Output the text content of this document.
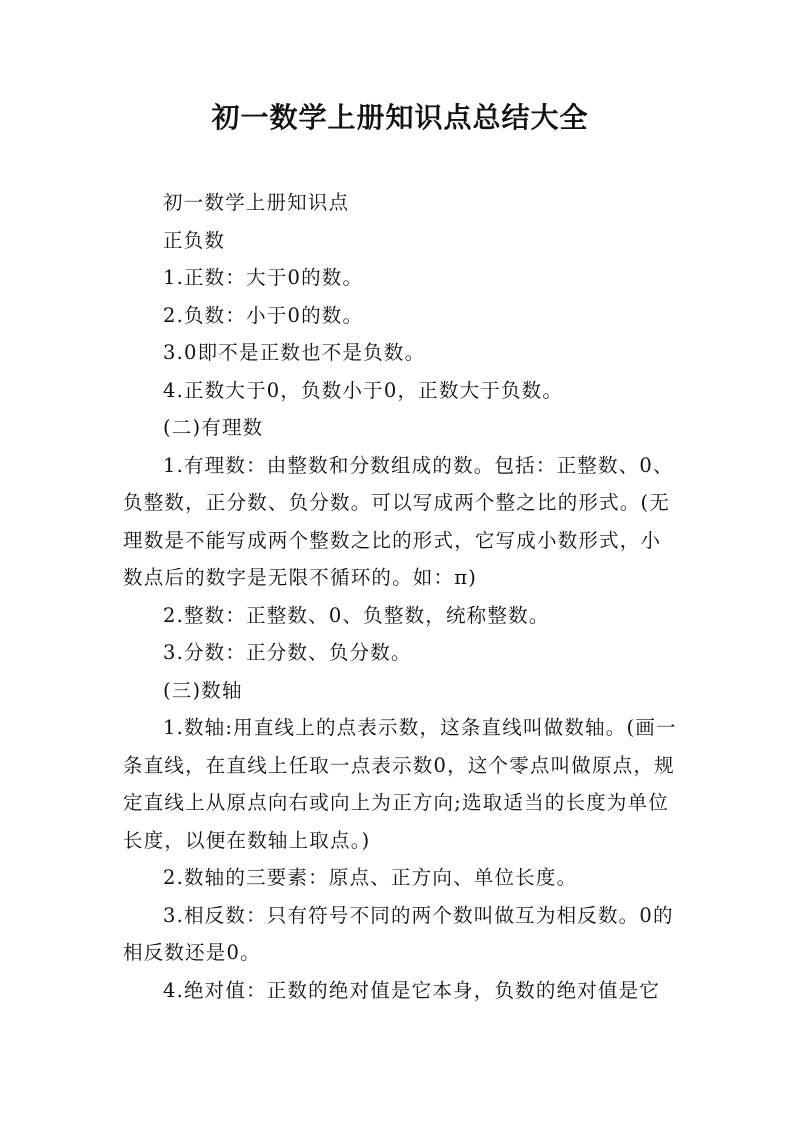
初一数学上册知识点总结大全

初一数学上册知识点

正负数

1.正数：大于0的数。

2.负数：小于0的数。

3.0即不是正数也不是负数。

4.正数大于0，负数小于0，正数大于负数。

(二)有理数

1.有理数：由整数和分数组成的数。包括：正整数、0、负整数，正分数、负分数。可以写成两个整之比的形式。(无理数是不能写成两个整数之比的形式，它写成小数形式，小数点后的数字是无限不循环的。如：π)

2.整数：正整数、0、负整数，统称整数。

3.分数：正分数、负分数。

(三)数轴

1.数轴:用直线上的点表示数，这条直线叫做数轴。(画一条直线，在直线上任取一点表示数0，这个零点叫做原点，规定直线上从原点向右或向上为正方向;选取适当的长度为单位长度，以便在数轴上取点。)

2.数轴的三要素：原点、正方向、单位长度。

3.相反数：只有符号不同的两个数叫做互为相反数。0的相反数还是0。

4.绝对值：正数的绝对值是它本身，负数的绝对值是它
